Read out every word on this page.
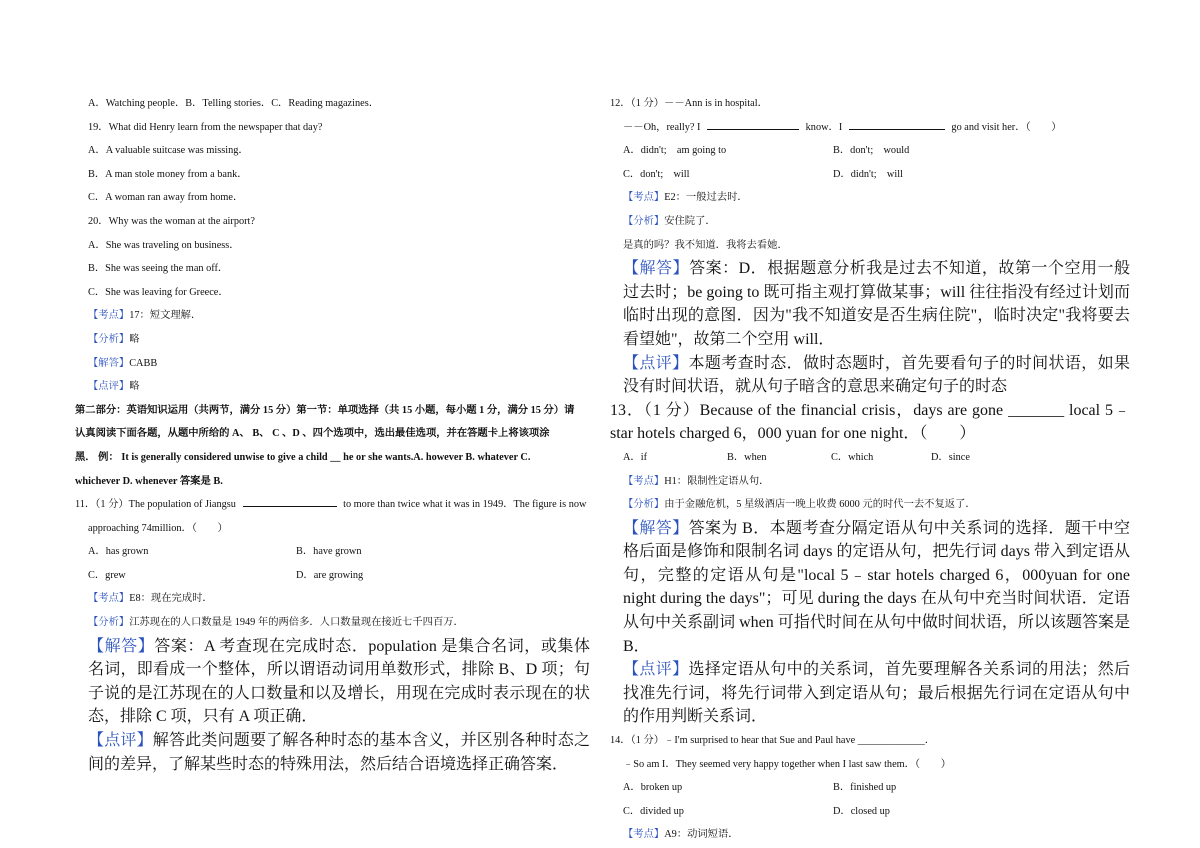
A．Watching people．B．Telling stories．C．Reading magazines．
19．What did Henry learn from the newspaper that day?
A．A valuable suitcase was missing．
B．A man stole money from a bank．
C．A woman ran away from home．
20．Why was the woman at the airport?
A．She was traveling on business．
B．She was seeing the man off．
C．She was leaving for Greece．
【考点】17：短文理解．
【分析】略
【解答】CABB
【点评】略
第二部分：英语知识运用（共两节，满分 15 分）第一节：单项选择（共 15 小题，每小题 1 分，满分 15 分）请
认真阅读下面各题，从题中所给的 A、 B、 C 、D 、四个选项中，选出最佳选项，并在答题卡上将该项涂
黑． 例： It is generally considered unwise to give a child __ he or she wants.A. however B. whatever C.
whichever D. whenever 答案是 B.
11．（1 分）The population of Jiangsu	to more than twice what it was in 1949．The figure is now
approaching 74million．（　　）
A．has grown	B．have grown
C．grew	D．are growing
【考点】E8：现在完成时．
【分析】江苏现在的人口数量是 1949 年的两倍多．人口数量现在接近七千四百万．
【解答】答案：A 考查现在完成时态．population 是集合名词，或集体名词，即看成一个整体，所以谓语动词用单数形式，排除 B、D 项；句子说的是江苏现在的人口数量和以及增长，用现在完成时表示现在的状态，排除 C 项，只有 A 项正确．
【点评】解答此类问题要了解各种时态的基本含义，并区别各种时态之间的差异，了解某些时态的特殊用法，然后结合语境选择正确答案．
12．（1 分）－－Ann is in hospital．
－－Oh，really? I	know．I	go and visit her．（　　）
A．didn't;　am going to	B．don't;　would
C．don't;　will	D．didn't;　will
【考点】E2：一般过去时．
【分析】安住院了．
是真的吗？我不知道．我将去看她．
【解答】答案：D．根据题意分析我是过去不知道，故第一个空用一般过去时；be going to 既可指主观打算做某事；will 往往指没有经过计划而临时出现的意图．因为"我不知道安是否生病住院"，临时决定"我将要去看望她"，故第二个空用 will．
【点评】本题考查时态．做时态题时，首先要看句子的时间状语，如果没有时间状语，就从句子暗含的意思来确定句子的时态
13．（1 分）Because of the financial crisis，days are gone _______ local 5﹣star hotels charged 6，000 yuan for one night．（　　）
A．if	B．when	C．which	D．since
【考点】H1：限制性定语从句．
【分析】由于金融危机，5 星级酒店一晚上收费 6000 元的时代一去不复返了．
【解答】答案为 B．本题考查分隔定语从句中关系词的选择．题干中空格后面是修饰和限制名词 days 的定语从句，把先行词 days 带入到定语从句，完整的定语从句是"local 5﹣star hotels charged 6，000yuan for one night during the days"；可见 during the days 在从句中充当时间状语．定语从句中关系副词 when 可指代时间在从句中做时间状语，所以该题答案是 B．
【点评】选择定语从句中的关系词，首先要理解各关系词的用法；然后找准先行词，将先行词带入到定语从句；最后根据先行词在定语从句中的作用判断关系词．
14．（1 分）﹣I'm surprised to hear that Sue and Paul have _____________．
﹣So am I．They seemed very happy together when I last saw them．（　　）
A．broken up	B．finished up
C．divided up	D．closed up
【考点】A9：动词短语．
